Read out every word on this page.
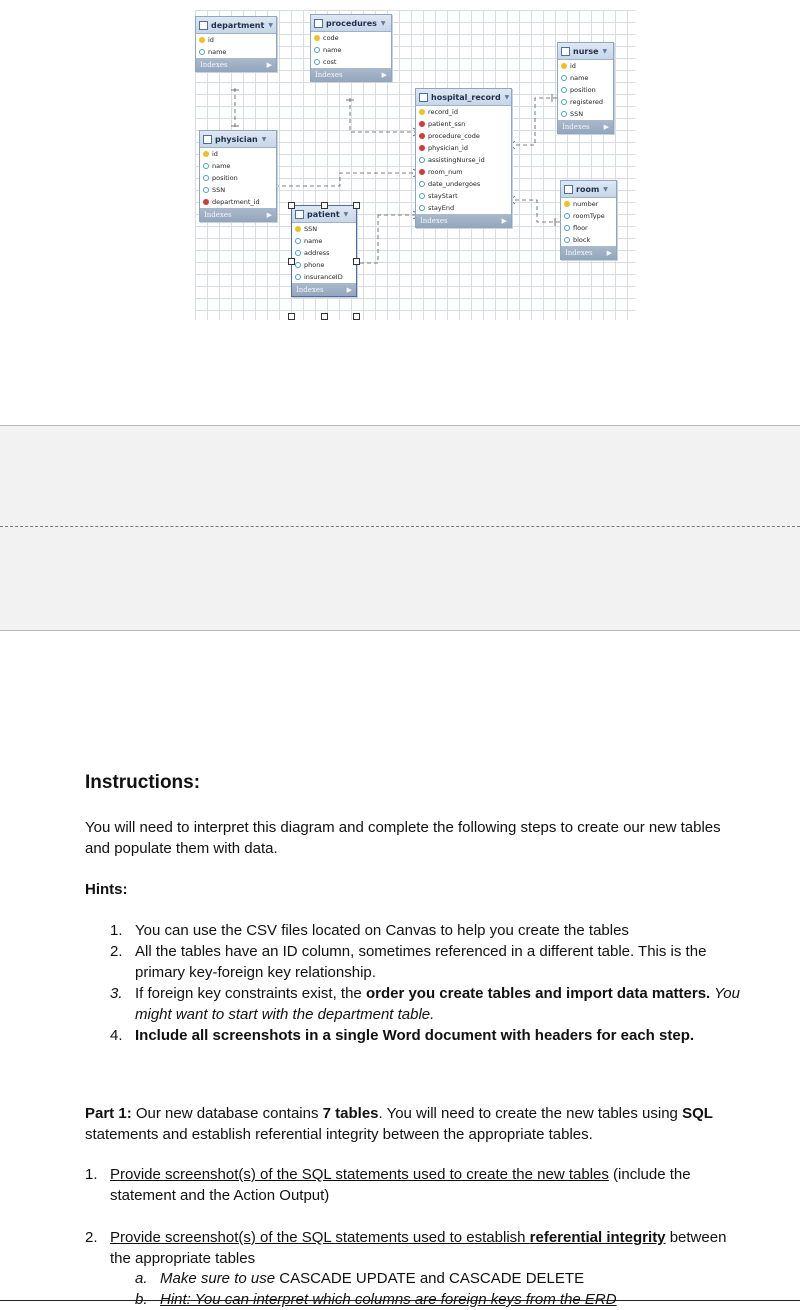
department ▼
id
name
Indexes	▶
procedures ▼
code
name
cost
Indexes	▶
nurse ▼
id
name
position
registered
SSN
Indexes ▶
hospital_record ▼
record_id
patient_ssn
procedure_code
physician_id
assistingNurse_id
room_num
date_undergoes
stayStart
stayEnd
Indexes	▶
physician ▼
id
name
position
SSN
department_id
Indexes	▶
room ▼
number
roomType
floor
block
Indexes ▶
patient ▼
SSN
name
address
phone
insuranceID
Indexes	▶
Instructions:

You will need to interpret this diagram and complete the following steps to create our new tables and populate them with data.

Hints:
1. You can use the CSV files located on Canvas to help you create the tables
2. All the tables have an ID column, sometimes referenced in a different table. This is the primary key-foreign key relationship.
3. If foreign key constraints exist, the order you create tables and import data matters. You might want to start with the department table.
4. Include all screenshots in a single Word document with headers for each step.

Part 1: Our new database contains 7 tables. You will need to create the new tables using SQL statements and establish referential integrity between the appropriate tables.

1. Provide screenshot(s) of the SQL statements used to create the new tables (include the statement and the Action Output)
2. Provide screenshot(s) of the SQL statements used to establish referential integrity between the appropriate tables
a. Make sure to use CASCADE UPDATE and CASCADE DELETE
b. Hint: You can interpret which columns are foreign keys from the ERD
